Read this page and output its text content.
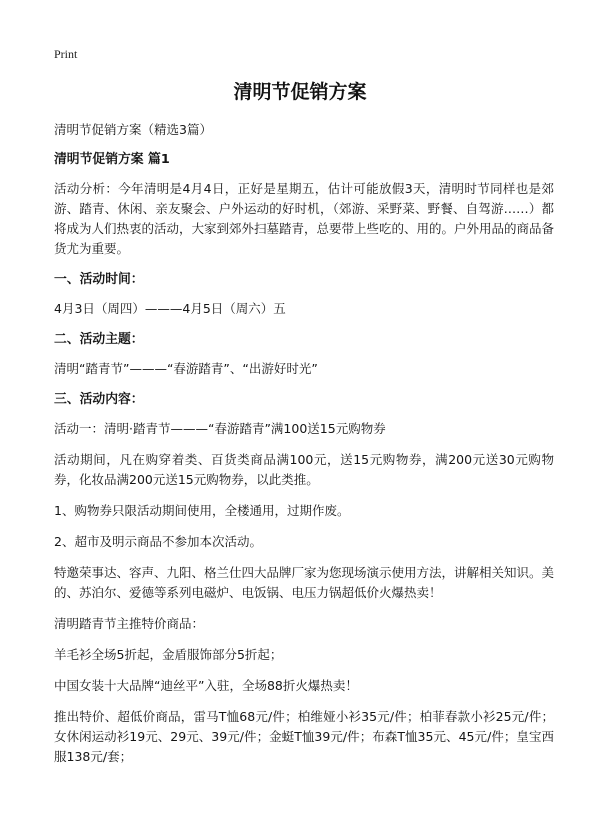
Print
清明节促销方案
清明节促销方案（精选3篇）
清明节促销方案 篇1
活动分析：今年清明是4月4日，正好是星期五，估计可能放假3天，清明时节同样也是郊游、踏青、休闲、亲友聚会、户外运动的好时机，（郊游、采野菜、野餐、自驾游……）都将成为人们热衷的活动，大家到郊外扫墓踏青，总要带上些吃的、用的。户外用品的商品备货尤为重要。
一、活动时间：
4月3日（周四）———4月5日（周六）五
二、活动主题：
清明“踏青节”———“春游踏青”、“出游好时光”
三、活动内容：
活动一：清明·踏青节———“春游踏青”满100送15元购物券
活动期间，凡在购穿着类、百货类商品满100元，送15元购物券，满200元送30元购物券，化妆品满200元送15元购物券，以此类推。
1、购物券只限活动期间使用，全楼通用，过期作废。
2、超市及明示商品不参加本次活动。
特邀荣事达、容声、九阳、格兰仕四大品牌厂家为您现场演示使用方法，讲解相关知识。美的、苏泊尔、爱德等系列电磁炉、电饭锅、电压力锅超低价火爆热卖！
清明踏青节主推特价商品：
羊毛衫全场5折起，金盾服饰部分5折起；
中国女装十大品牌“迪丝平”入驻，全场88折火爆热卖！
推出特价、超低价商品，雷马T恤68元/件；柏维娅小衫35元/件；柏菲春款小衫25元/件；女休闲运动衫19元、29元、39元/件；金蜓T恤39元/件；布森T恤35元、45元/件；皇宝西服138元/套；
